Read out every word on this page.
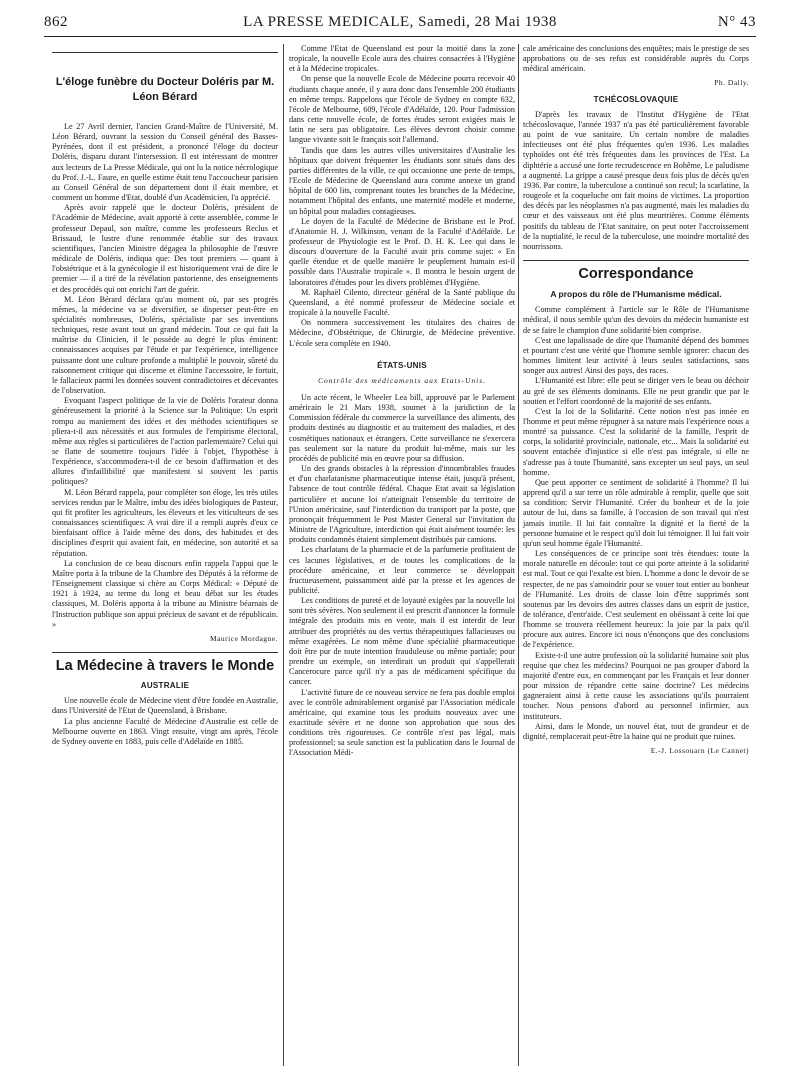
862	LA PRESSE MEDICALE, Samedi, 28 Mai 1938	N° 43
L'éloge funèbre du Docteur Doléris par M. Léon Bérard

Le 27 Avril dernier, l'ancien Grand-Maître de l'Université, M. Léon Bérard, ouvrant la session du Conseil général des Basses-Pyrénées, dont il est président, a prononcé l'éloge du docteur Doléris, disparu durant l'intersession. Il est intéressant de montrer aux lecteurs de La Presse Médicale, qui ont lu la notice nécrologique du Prof. J.-L. Faure, en quelle estime était tenu l'accoucheur parisien au Conseil Général de son département dont il était membre, et comment un homme d'Etat, doublé d'un Académicien, l'a apprécié.

Après avoir rappelé que le docteur Doléris, président de l'Académie de Médecine, avait apporté à cette assemblée, comme le professeur Depaul, son maître, comme les professeurs Reclus et Brissaud, le lustre d'une renommée établie sur des travaux scientifiques, l'ancien Ministre dégagea la philosophie de l'œuvre médicale de Doléris, indiqua que: Des tout premiers — quant à l'obstétrique et à la gynécologie il est historiquement vrai de dire le premier — il a tiré de la révélation pastorienne, des enseignements et des procédés qui ont enrichi l'art de guérir.

M. Léon Bérard déclara qu'au moment où, par ses progrès mêmes, la médecine va se diversifier, se disperser peut-être en spécialités nombreuses, Doléris, spécialiste par ses inventions techniques, reste avant tout un grand médecin. Tout ce qui fait la maîtrise du Clinicien, il le possède au degré le plus éminent: connaissances acquises par l'étude et par l'expérience, intelligence puissante dont une culture profonde a multiplié le pouvoir, sûreté du raisonnement critique qui discerne et élimine l'accessoire, le fortuit, le fallacieux parmi les données souvent contradictoires et décevantes de l'observation.

Evoquant l'aspect politique de la vie de Doléris l'orateur donna généreusement la priorité à la Science sur la Politique: Un esprit rompu au maniement des idées et des méthodes scientifiques se pliera-t-il aux nécessités et aux formules de l'empirisme électoral, même aux règles si particulières de l'action parlementaire? Celui qui se flatte de soumettre toujours l'idée à l'objet, l'hypothèse à l'expérience, s'accommodera-t-il de ce besoin d'affirmation et des allures d'infaillibilité que manifestent si souvent les partis politiques?

M. Léon Bérard rappela, pour compléter son éloge, les très utiles services rendus par le Maître, imbu des idées biologiques de Pasteur, qui fit profiter les agriculteurs, les éleveurs et les viticulteurs de ses connaissances scientifiques: A vrai dire il a rempli auprès d'eux ce bienfaisant office à l'aide même des dons, des habitudes et des disciplines d'esprit qui avaient fait, en médecine, son autorité et sa réputation.

La conclusion de ce beau discours enfin rappela l'appui que le Maître porta à la tribune de la Chambre des Députés à la réforme de l'Enseignement classique si chère au Corps Médical: « Député de 1921 à 1924, au terme du long et beau débat sur les études classiques, M. Doléris apporta à la tribune au Ministre béarnais de l'Instruction publique son appui précieux de savant et de républicain. »

Maurice Mordagne.
La Médecine à travers le Monde
AUSTRALIE

Une nouvelle école de Médecine vient d'être fondée en Australie, dans l'Université de l'Etat de Queensland, à Brisbane.

La plus ancienne Faculté de Médecine d'Australie est celle de Melbourne ouverte en 1863. Vingt ensuite, vingt ans après, l'école de Sydney ouverte en 1883, puis celle d'Adélaïde en 1885.

Comme l'Etat de Queensland est pour la moitié dans la zone tropicale, la nouvelle Ecole aura des chaires consacrées à l'Hygiène et à la Médecine tropicales.

On pense que la nouvelle Ecole de Médecine pourra recevoir 40 étudiants chaque année, il y aura donc dans l'ensemble 200 étudiants en même temps. Rappelons que l'école de Sydney en compte 632, l'école de Melbourne, 609, l'école d'Adélaïde, 120. Pour l'admission dans cette nouvelle école, de fortes études seront exigées mais le latin ne sera pas obligatoire. Les élèves devront choisir comme langue vivante soit le français soit l'allemand.

Tandis que dans les autres villes universitaires d'Australie les hôpitaux que doivent fréquenter les étudiants sont situés dans des parties différentes de la ville, ce qui occasionne une perte de temps, l'Ecole de Médecine de Queensland aura comme annexe un grand hôpital de 600 lits, comprenant toutes les branches de la Médecine, notamment l'hôpital des enfants, une maternité modèle et moderne, un hôpital pour maladies contagieuses.

Le doyen de la Faculté de Médecine de Brisbane est le Prof. d'Anatomie H. J. Wilkinson, venant de la Faculté d'Adélaïde. Le professeur de Physiologie est le Prof. D. H. K. Lee qui dans le discours d'ouverture de la Faculté avait pris comme sujet: « En quelle étendue et de quelle manière le peuplement humain est-il possible dans l'Australie tropicale ». Il montra le besoin urgent de laboratoires d'études pour les divers problèmes d'Hygiène.

M. Raphaël Cilento, directeur général de la Santé publique du Queensland, a été nommé professeur de Médecine sociale et tropicale à la nouvelle Faculté.

On nommera successivement les titulaires des chaires de Médecine, d'Obstétrique, de Chirurgie, de Médecine préventive. L'école sera complète en 1940.

ÉTATS-UNIS
Contrôle des médicaments aux Etats-Unis.

Un acte récent, le Wheeler Lea bill, approuvé par le Parlement américain le 21 Mars 1938, soumet à la juridiction de la Commission fédérale du commerce la surveillance des aliments, des produits destinés au diagnostic et au traitement des maladies, et des cosmétiques nationaux et étrangers. Cette surveillance ne s'exercera pas seulement sur la nature du produit lui-même, mais sur les procédés de publicité mis en œuvre pour sa diffusion.

Un des grands obstacles à la répression d'innombrables fraudes et d'un charlatanisme pharmaceutique intense était, jusqu'à présent, l'absence de tout contrôle fédéral. Chaque Etat avait sa législation particulière et aucune loi n'atteignait l'ensemble du territoire de l'Union américaine, sauf l'interdiction du transport par la poste, que prononçait fréquemment le Post Master General sur l'invitation du Ministre de l'Agriculture, interdiction qui était aisément tournée: les produits condamnés étaient simplement distribués par camions.

Les charlatans de la pharmacie et de la parfumerie profitaient de ces lacunes législatives, et de toutes les complications de la procédure américaine, et leur commerce se développait fructueusement, puissamment aidé par la presse et les agences de publicité.

Les conditions de pureté et de loyauté exigées par la nouvelle loi sont très sévères. Non seulement il est prescrit d'annoncer la formule intégrale des produits mis en vente, mais il est interdit de leur attribuer des propriétés ou des vertus thérapeutiques fallacieuses ou même exagérées. Le nom même d'une spécialité pharmaceutique doit être pur de toute intention frauduleuse ou même partiale; pour prendre un exemple, on interdirait un produit qui s'appellerait Cancerocure parce qu'il n'y a pas de médicament spécifique du cancer.

L'activité future de ce nouveau service ne fera pas double emploi avec le contrôle admirablement organisé par l'Association médicale américaine, qui examine tous les produits nouveaux avec une exactitude sévère et ne donne son approbation que sous des conditions très rigoureuses. Ce contrôle n'est pas légal, mais professionnel; sa seule sanction est la publication dans le Journal de l'Association Médi-

cale américaine des conclusions des enquêtes; mais le prestige de ses approbations ou de ses refus est considérable auprès du Corps médical américain.

Ph. Dally.
TCHÉCOSLOVAQUIE

D'après les travaux de l'Institut d'Hygiène de l'Etat tchécoslovaque, l'année 1937 n'a pas été particulièrement favorable au point de vue sanitaire. Un certain nombre de maladies infectieuses ont été plus fréquentes qu'en 1936. Les maladies typhoïdes ont été très fréquentes dans les provinces de l'Est. La diphtérie a accusé une forte recrudescence en Bohême, Le paludisme a augmenté. La grippe a causé presque deux fois plus de décès qu'en 1936. Par contre, la tuberculose a continué son recul; la scarlatine, la rougeole et la coqueluche ont fait moins de victimes. La proportion des décès par les néoplasmes n'a pas augmenté, mais les maladies du cœur et des vaisseaux ont été plus meurtrières. Comme éléments positifs du tableau de l'Etat sanitaire, on peut noter l'accroissement de la nuptialité, le recul de la tuberculose, une moindre mortalité des nourrissons.

Correspondance
A propos du rôle de l'Humanisme médical.

Comme complément à l'article sur le Rôle de l'Humanisme médical, il nous semble qu'un des devoirs du médecin humaniste est de se faire le champion d'une solidarité bien comprise.

C'est une lapalissade de dire que l'humanité dépend des hommes et pourtant c'est une vérité que l'homme semble ignorer: chacun des hommes limitent leur activité à leurs seules satisfactions, sans songer aux autres! Ainsi des pays, des races.

L'Humanité est libre: elle peut se diriger vers le beau ou déchoir au gré de ses éléments dominants. Elle ne peut grandir que par le soutien et l'effort coordonné de la majorité de ses enfants.

C'est la loi de la Solidarité. Cette notion n'est pas innée en l'homme et peut même répugner à sa nature mais l'expérience nous a montré sa puissance. C'est la solidarité de la famille, l'esprit de corps, la solidarité provinciale, nationale, etc... Mais la solidarité est souvent entachée d'injustice si elle n'est pas intégrale, si elle ne s'adresse pas à toute l'humanité, sans excepter un seul pays, un seul homme.

Que peut apporter ce sentiment de solidarité à l'homme? Il lui apprend qu'il a sur terre un rôle admirable à remplir, quelle que soit sa condition: Servir l'Humanité. Créer du bonheur et de la joie autour de lui, dans sa famille, à l'occasion de son travail qui n'est jamais inutile. Il lui fait connaître la dignité et la fierté de la personne humaine et le respect qu'il doit lui témoigner. Il lui fait voir qu'un seul homme égale l'Humanité.

Les conséquences de ce principe sont très étendues: toute la morale naturelle en découle: tout ce qui porte atteinte à la solidarité est mal. Tout ce qui l'exalte est bien. L'homme a donc le devoir de se respecter, de ne pas s'amoindrir pour se vouer tout entier au bonheur de l'Humanité. Les droits de classe loin d'être supprimés sont soutenus par les devoirs des autres classes dans un esprit de justice, de tolérance, d'entr'aide. C'est seulement en obéissant à cette loi que l'homme se trouvera réellement heureux: la joie par la paix qu'il procure aux autres. Encore ici nous n'énonçons que des conclusions de l'expérience.

Existe-t-il une autre profession où la solidarité humaine soit plus requise que chez les médecins? Pourquoi ne pas grouper d'abord la majorité d'entre eux, en commençant par les Français et leur donner pour mission de répandre cette saine doctrine? Les médecins gagneraient ainsi à cette cause les associations qu'ils pourraient toucher. Nous pensons d'abord au personnel infirmier, aux instituteurs.

Ainsi, dans le Monde, un nouvel état, tout de grandeur et de dignité, remplacerait peut-être la haine qui ne produit que ruines.

E.-J. Lossouarn (Le Cannet)
